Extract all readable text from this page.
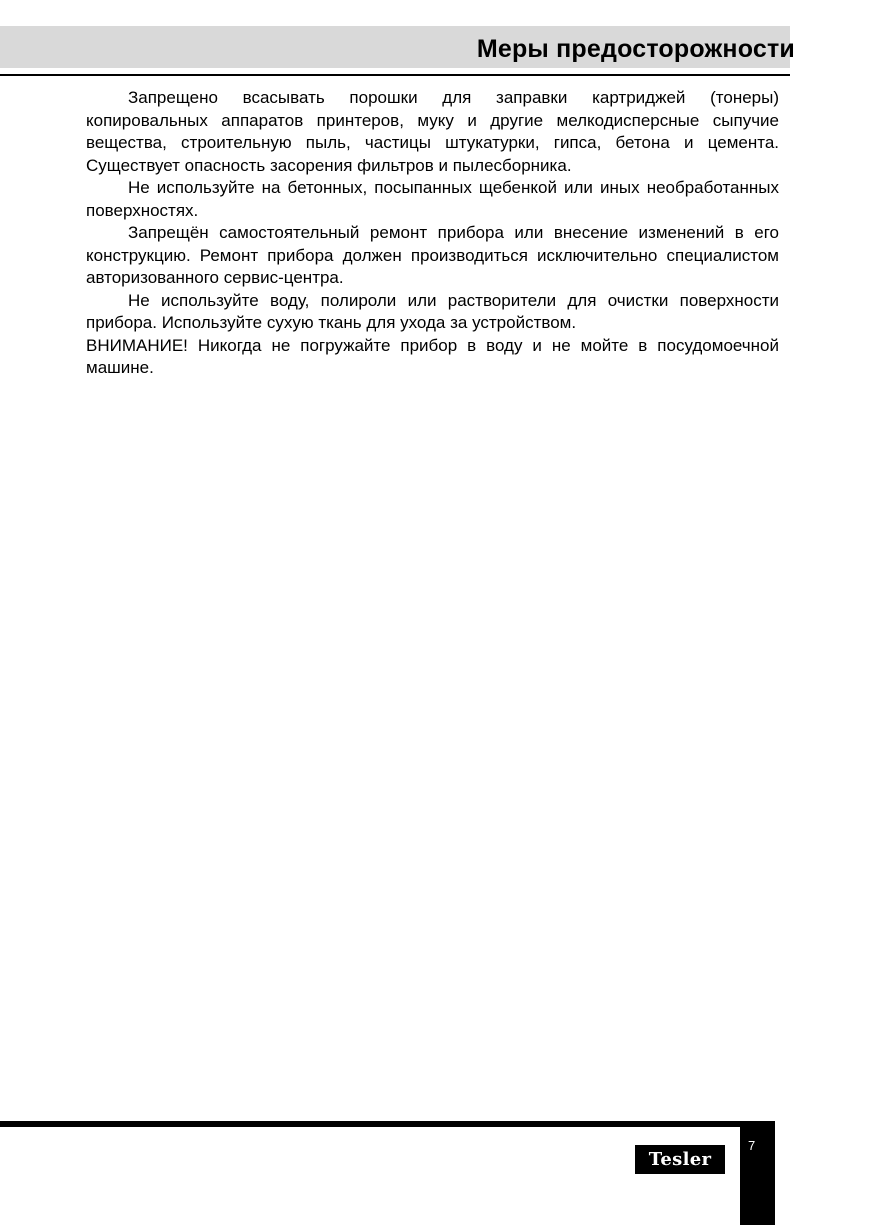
Меры предосторожности

Запрещено всасывать порошки для заправки картриджей (тонеры) копировальных аппаратов принтеров, муку и другие мелкодисперсные сыпучие вещества, строительную пыль, частицы штукатурки, гипса, бетона и цемента. Существует опасность засорения фильтров и пылесборника.

Не используйте на бетонных, посыпанных щебенкой или иных необработанных поверхностях.

Запрещён самостоятельный ремонт прибора или внесение изменений в его конструкцию. Ремонт прибора должен производиться исключительно специалистом авторизованного сервис-центра.

Не используйте воду, полироли или растворители для очистки поверхности прибора. Используйте сухую ткань для ухода за устройством.

ВНИМАНИЕ! Никогда не погружайте прибор в воду и не мойте в посудомоечной машине.

7
Tesler
